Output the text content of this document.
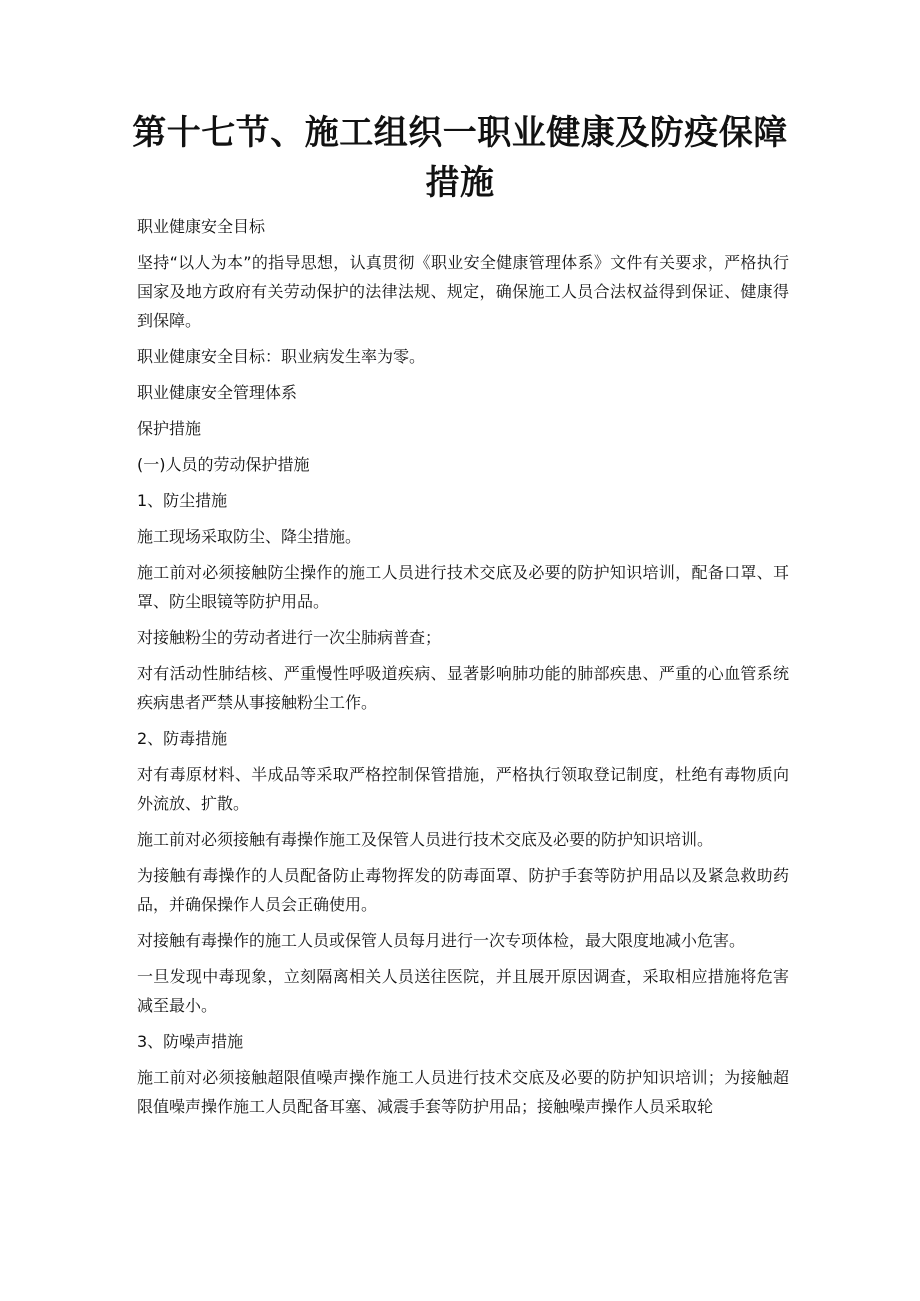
第十七节、施工组织一职业健康及防疫保障
措施

职业健康安全目标

坚持“以人为本”的指导思想，认真贯彻《职业安全健康管理体系》文件有关要求，严格执行国家及地方政府有关劳动保护的法律法规、规定，确保施工人员合法权益得到保证、健康得到保障。

职业健康安全目标：职业病发生率为零。

职业健康安全管理体系

保护措施

(一)人员的劳动保护措施

1、防尘措施

施工现场采取防尘、降尘措施。

施工前对必须接触防尘操作的施工人员进行技术交底及必要的防护知识培训，配备口罩、耳罩、防尘眼镜等防护用品。

对接触粉尘的劳动者进行一次尘肺病普查；

对有活动性肺结核、严重慢性呼吸道疾病、显著影响肺功能的肺部疾患、严重的心血管系统疾病患者严禁从事接触粉尘工作。

2、防毒措施

对有毒原材料、半成品等采取严格控制保管措施，严格执行领取登记制度，杜绝有毒物质向外流放、扩散。

施工前对必须接触有毒操作施工及保管人员进行技术交底及必要的防护知识培训。

为接触有毒操作的人员配备防止毒物挥发的防毒面罩、防护手套等防护用品以及紧急救助药品，并确保操作人员会正确使用。

对接触有毒操作的施工人员或保管人员每月进行一次专项体检，最大限度地减小危害。

一旦发现中毒现象，立刻隔离相关人员送往医院，并且展开原因调查，采取相应措施将危害减至最小。

3、防噪声措施

施工前对必须接触超限值噪声操作施工人员进行技术交底及必要的防护知识培训；为接触超限值噪声操作施工人员配备耳塞、减震手套等防护用品；接触噪声操作人员采取轮
